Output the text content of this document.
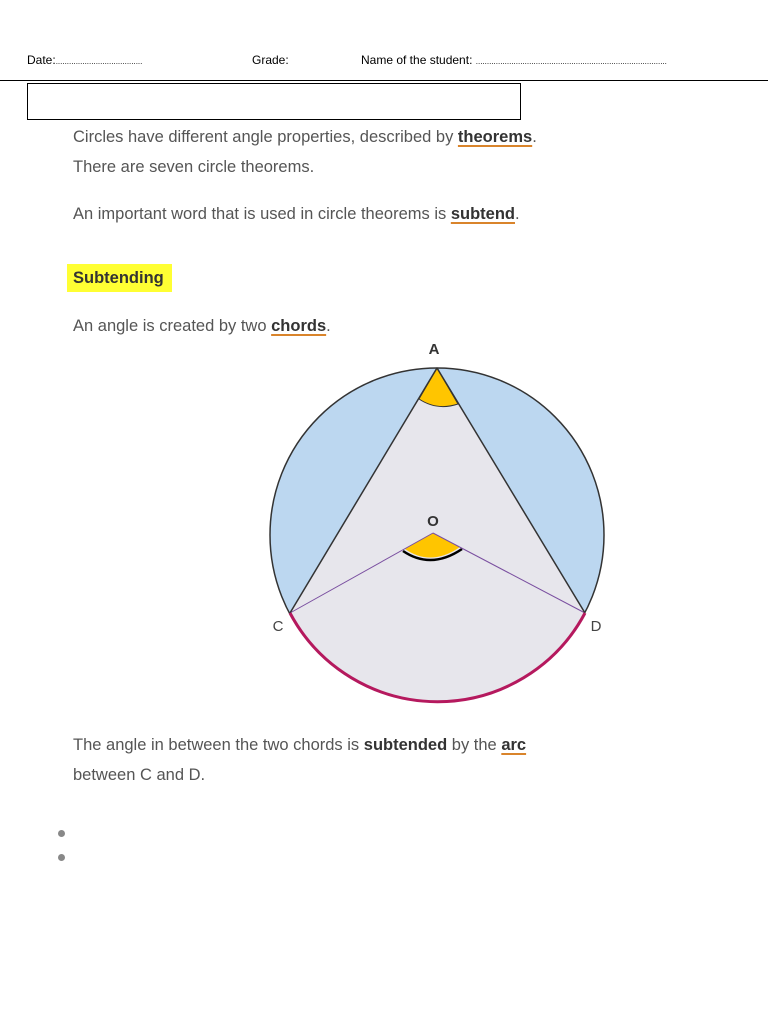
Date:.......................................	Grade:	Name of the student: ......................................................................................
Circles have different angle properties, described by theorems.
There are seven circle theorems.
An important word that is used in circle theorems is subtend.
Subtending
An angle is created by two chords.
A
O
C	D
The angle in between the two chords is subtended by the arc
between C and D.
